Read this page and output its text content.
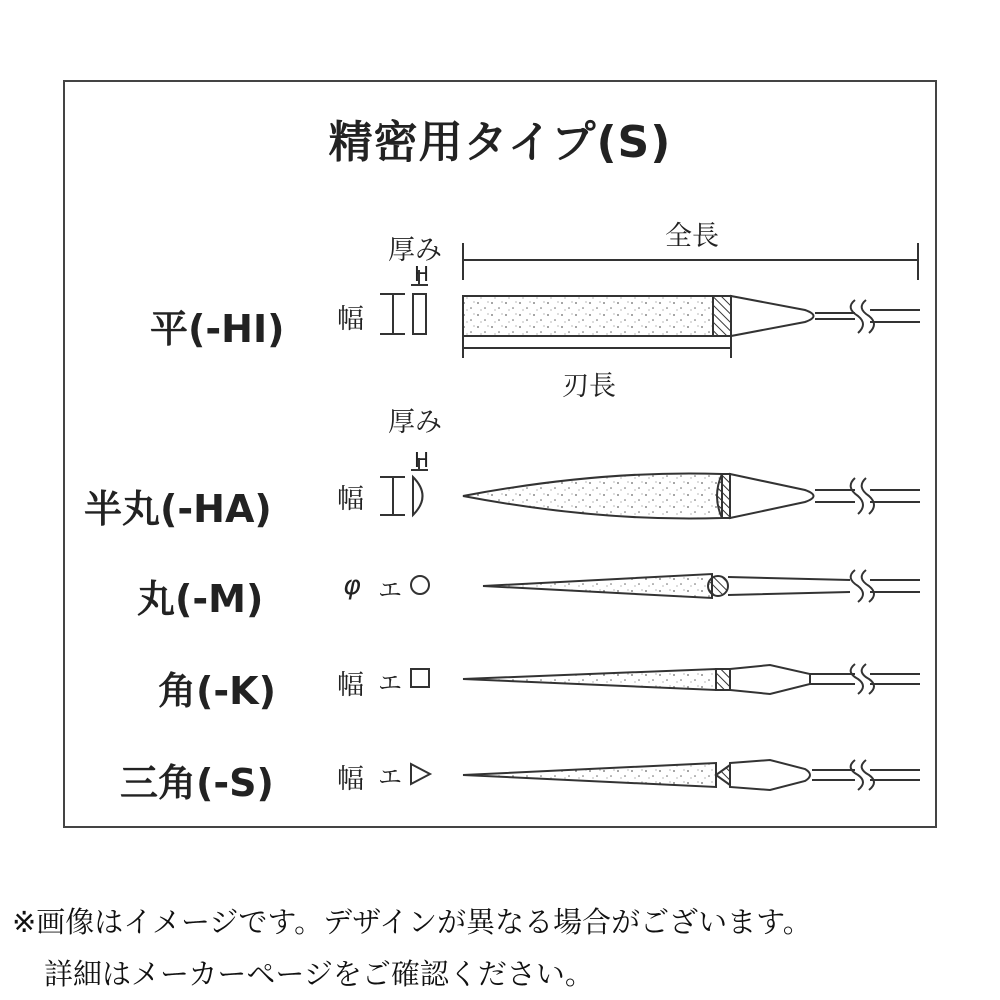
精密用タイプ(S)
平(-HI)
半丸(-HA)
丸(-M)
角(-K)
三角(-S)
厚み
厚み
H
H
幅
幅
φ
幅
幅
エ
エ
エ
全長
刃長
※画像はイメージです。デザインが異なる場合がございます。
詳細はメーカーページをご確認ください。
